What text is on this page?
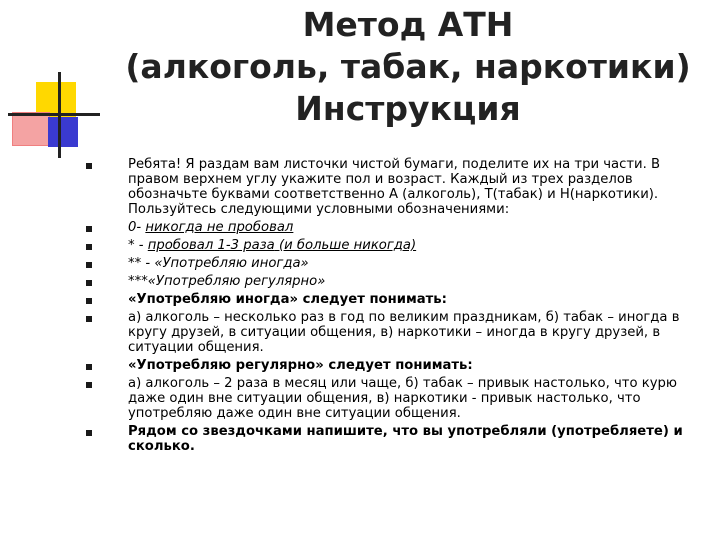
Метод АТН
(алкоголь, табак, наркотики)
Инструкция
Ребята! Я раздам вам листочки чистой бумаги, поделите их на три части. В правом верхнем углу укажите пол и возраст. Каждый из трех разделов обозначьте буквами соответственно А (алкоголь), Т(табак) и Н(наркотики). Пользуйтесь следующими условными обозначениями:
0- никогда не пробовал
* - пробовал 1-3 раза (и больше никогда)
** - «Употребляю иногда»
***«Употребляю регулярно»
«Употребляю иногда» следует понимать:
а) алкоголь – несколько раз в год по великим праздникам, б) табак – иногда в кругу друзей, в ситуации общения, в) наркотики – иногда в кругу друзей, в ситуации общения.
«Употребляю регулярно» следует понимать:
а) алкоголь – 2 раза в месяц или чаще, б) табак – привык настолько, что курю даже один вне ситуации общения, в) наркотики - привык настолько, что употребляю даже один вне ситуации общения.
Рядом со звездочками напишите, что вы употребляли (употребляете) и сколько.
